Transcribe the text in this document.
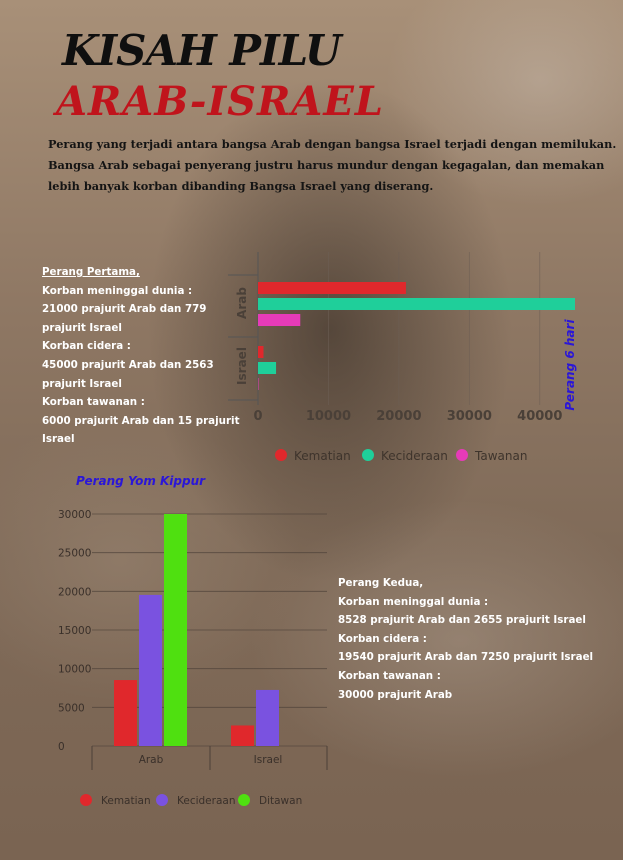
KISAH PILU
ARAB-ISRAEL
Perang yang terjadi antara bangsa Arab dengan bangsa Israel terjadi dengan memilukan.
Bangsa Arab sebagai penyerang justru harus mundur dengan kegagalan, dan memakan
lebih banyak korban dibanding Bangsa Israel yang diserang.
Perang Pertama,
Korban meninggal dunia :
21000 prajurit Arab dan 779
prajurit Israel
Korban cidera :
45000 prajurit Arab dan 2563
prajurit Israel
Korban tawanan :
6000 prajurit Arab dan 15 prajurit
Israel
Perang Kedua,
Korban meninggal dunia :
8528 prajurit Arab dan 2655 prajurit Israel
Korban cidera :
19540 prajurit Arab dan 7250 prajurit Israel
Korban tawanan :
30000 prajurit Arab
0	10000 20000 30000 40000
Arab
Israel	Perang 6 hari
Kematian	Kecideraan Tawanan
0
5000
10000
15000
20000
25000
30000
Arab	Israel
Perang Yom Kippur
Kematian	Kecideraan Ditawan
